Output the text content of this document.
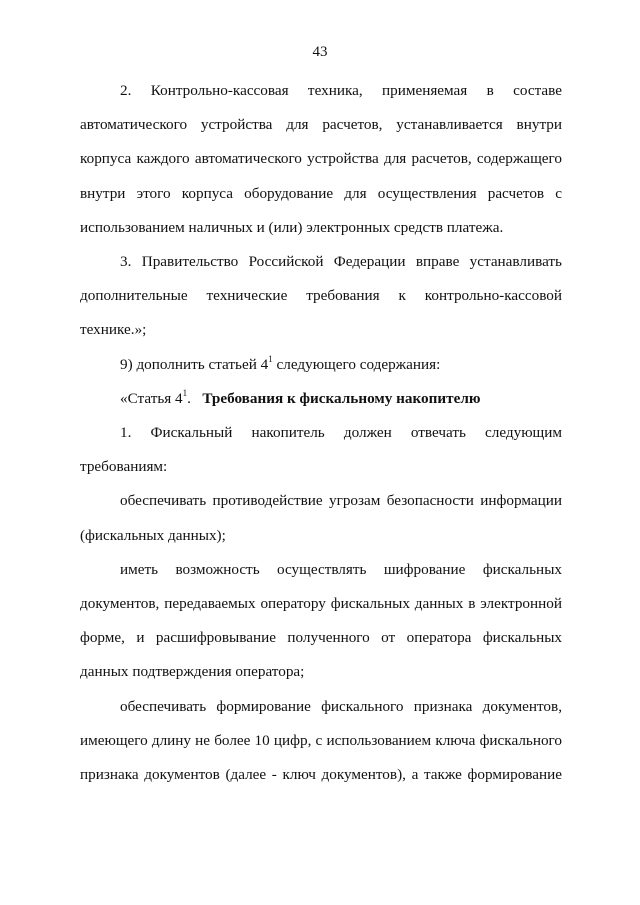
43

2. Контрольно-кассовая техника, применяемая в составе

автоматического устройства для расчетов, устанавливается внутри

корпуса каждого автоматического устройства для расчетов, содержащего

внутри этого корпуса оборудование для осуществления расчетов с

использованием наличных и (или) электронных средств платежа.

3. Правительство Российской Федерации вправе устанавливать

дополнительные технические требования к контрольно-кассовой

технике.»;

9) дополнить статьей $4^1$ следующего содержания:

«Статья $4^1$. Требования к фискальному накопителю

1. Фискальный накопитель должен отвечать следующим

требованиям:

обеспечивать противодействие угрозам безопасности информации

(фискальных данных);

иметь возможность осуществлять шифрование фискальных

документов, передаваемых оператору фискальных данных в электронной

форме, и расшифровывание полученного от оператора фискальных

данных подтверждения оператора;

обеспечивать формирование фискального признака документов,

имеющего длину не более 10 цифр, с использованием ключа фискального

признака документов (далее - ключ документов), а также формирование
